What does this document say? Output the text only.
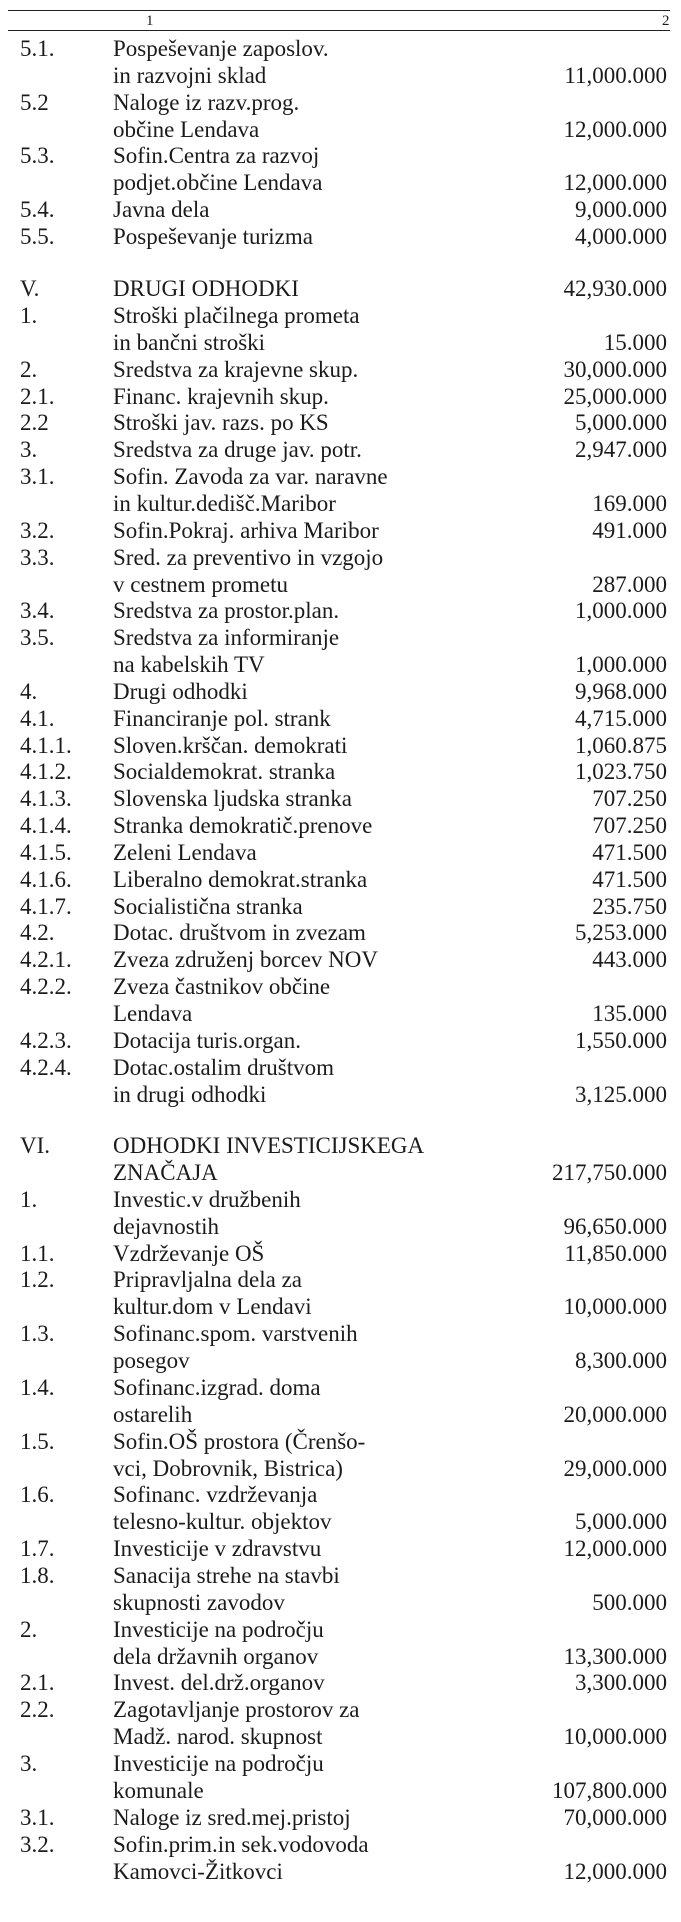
1	2
5.1.	Pospeševanje zaposlov.
in razvojni sklad	11,000.000
5.2	Naloge iz razv.prog.
občine Lendava	12,000.000
5.3.	Sofin.Centra za razvoj
podjet.občine Lendava	12,000.000
5.4.	Javna dela	9,000.000
5.5.	Pospeševanje turizma	4,000.000
V.	DRUGI ODHODKI	42,930.000
1.	Stroški plačilnega prometa
in bančni stroški	15.000
2.	Sredstva za krajevne skup.	30,000.000
2.1.	Financ. krajevnih skup.	25,000.000
2.2	Stroški jav. razs. po KS	5,000.000
3.	Sredstva za druge jav. potr.	2,947.000
3.1.	Sofin. Zavoda za var. naravne
in kultur.dedišč.Maribor	169.000
3.2.	Sofin.Pokraj. arhiva Maribor	491.000
3.3.	Sred. za preventivo in vzgojo
v cestnem prometu	287.000
3.4.	Sredstva za prostor.plan.	1,000.000
3.5.	Sredstva za informiranje
na kabelskih TV	1,000.000
4.	Drugi odhodki	9,968.000
4.1.	Financiranje pol. strank	4,715.000
4.1.1. Sloven.krščan. demokrati	1,060.875
4.1.2. Socialdemokrat. stranka	1,023.750
4.1.3. Slovenska ljudska stranka	707.250
4.1.4. Stranka demokratič.prenove	707.250
4.1.5. Zeleni Lendava	471.500
4.1.6. Liberalno demokrat.stranka	471.500
4.1.7. Socialistična stranka	235.750
4.2.	Dotac. društvom in zvezam	5,253.000
4.2.1. Zveza združenj borcev NOV	443.000
4.2.2. Zveza častnikov občine
Lendava	135.000
4.2.3. Dotacija turis.organ.	1,550.000
4.2.4. Dotac.ostalim društvom
in drugi odhodki	3,125.000
VI.	ODHODKI INVESTICIJSKEGA
ZNAČAJA	217,750.000
1.	Investic.v družbenih
dejavnostih	96,650.000
1.1.	Vzdrževanje OŠ	11,850.000
1.2.	Pripravljalna dela za
kultur.dom v Lendavi	10,000.000
1.3.	Sofinanc.spom. varstvenih
posegov	8,300.000
1.4.	Sofinanc.izgrad. doma
ostarelih	20,000.000
1.5.	Sofin.OŠ prostora (Črenšo-
vci, Dobrovnik, Bistrica)	29,000.000
1.6.	Sofinanc. vzdrževanja
telesno-kultur. objektov	5,000.000
1.7.	Investicije v zdravstvu	12,000.000
1.8.	Sanacija strehe na stavbi
skupnosti zavodov	500.000
2.	Investicije na področju
dela državnih organov	13,300.000
2.1.	Invest. del.drž.organov	3,300.000
2.2.	Zagotavljanje prostorov za
Madž. narod. skupnost	10,000.000
3.	Investicije na področju
komunale	107,800.000
3.1.	Naloge iz sred.mej.pristoj	70,000.000
3.2.	Sofin.prim.in sek.vodovoda
Kamovci-Žitkovci	12,000.000
